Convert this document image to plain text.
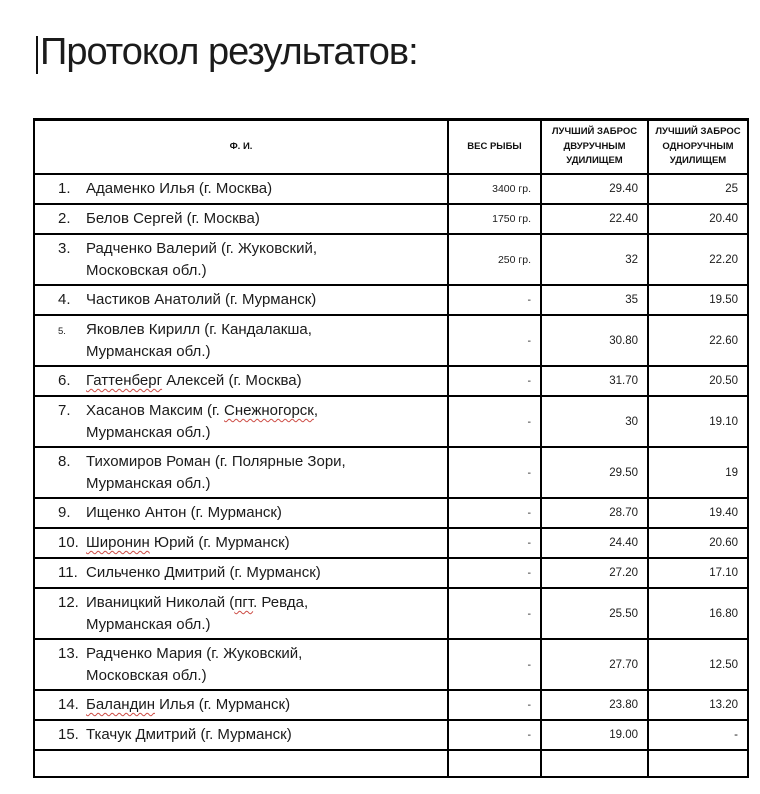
Протокол результатов:
Ф. И.	ВЕС РЫБЫ	ЛУЧШИЙ ЗАБРОС ДВУРУЧНЫМ УДИЛИЩЕМ	ЛУЧШИЙ ЗАБРОС ОДНОРУЧНЫМ УДИЛИЩЕМ

1. Адаменко Илья (г. Москва)	3400 гр.	29.40	25

2. Белов Сергей (г. Москва)	1750 гр.	22.40	20.40

3. Радченко Валерий (г. Жуковский,
Московская обл.)	250 гр.	32	22.20

4. Частиков Анатолий (г. Мурманск)	-	35	19.50

5. Яковлев Кирилл (г. Кандалакша,
Мурманская обл.)	-	30.80	22.60

6. Гаттенберг Алексей (г. Москва)	-	31.70	20.50

7. Хасанов Максим (г. Снежногорск,
Мурманская обл.)	-	30	19.10

8. Тихомиров Роман (г. Полярные Зори,
Мурманская обл.)	-	29.50	19

9. Ищенко Антон (г. Мурманск)	-	28.70	19.40

10. Широнин Юрий (г. Мурманск)	-	24.40	20.60

11. Сильченко Дмитрий (г. Мурманск)	-	27.20	17.10

12. Иваницкий Николай (пгт. Ревда,
Мурманская обл.)	-	25.50	16.80

13. Радченко Мария (г. Жуковский,
Московская обл.)	-	27.70	12.50

14. Баландин Илья (г. Мурманск)	-	23.80	13.20

15. Ткачук Дмитрий (г. Мурманск)	-	19.00	-
